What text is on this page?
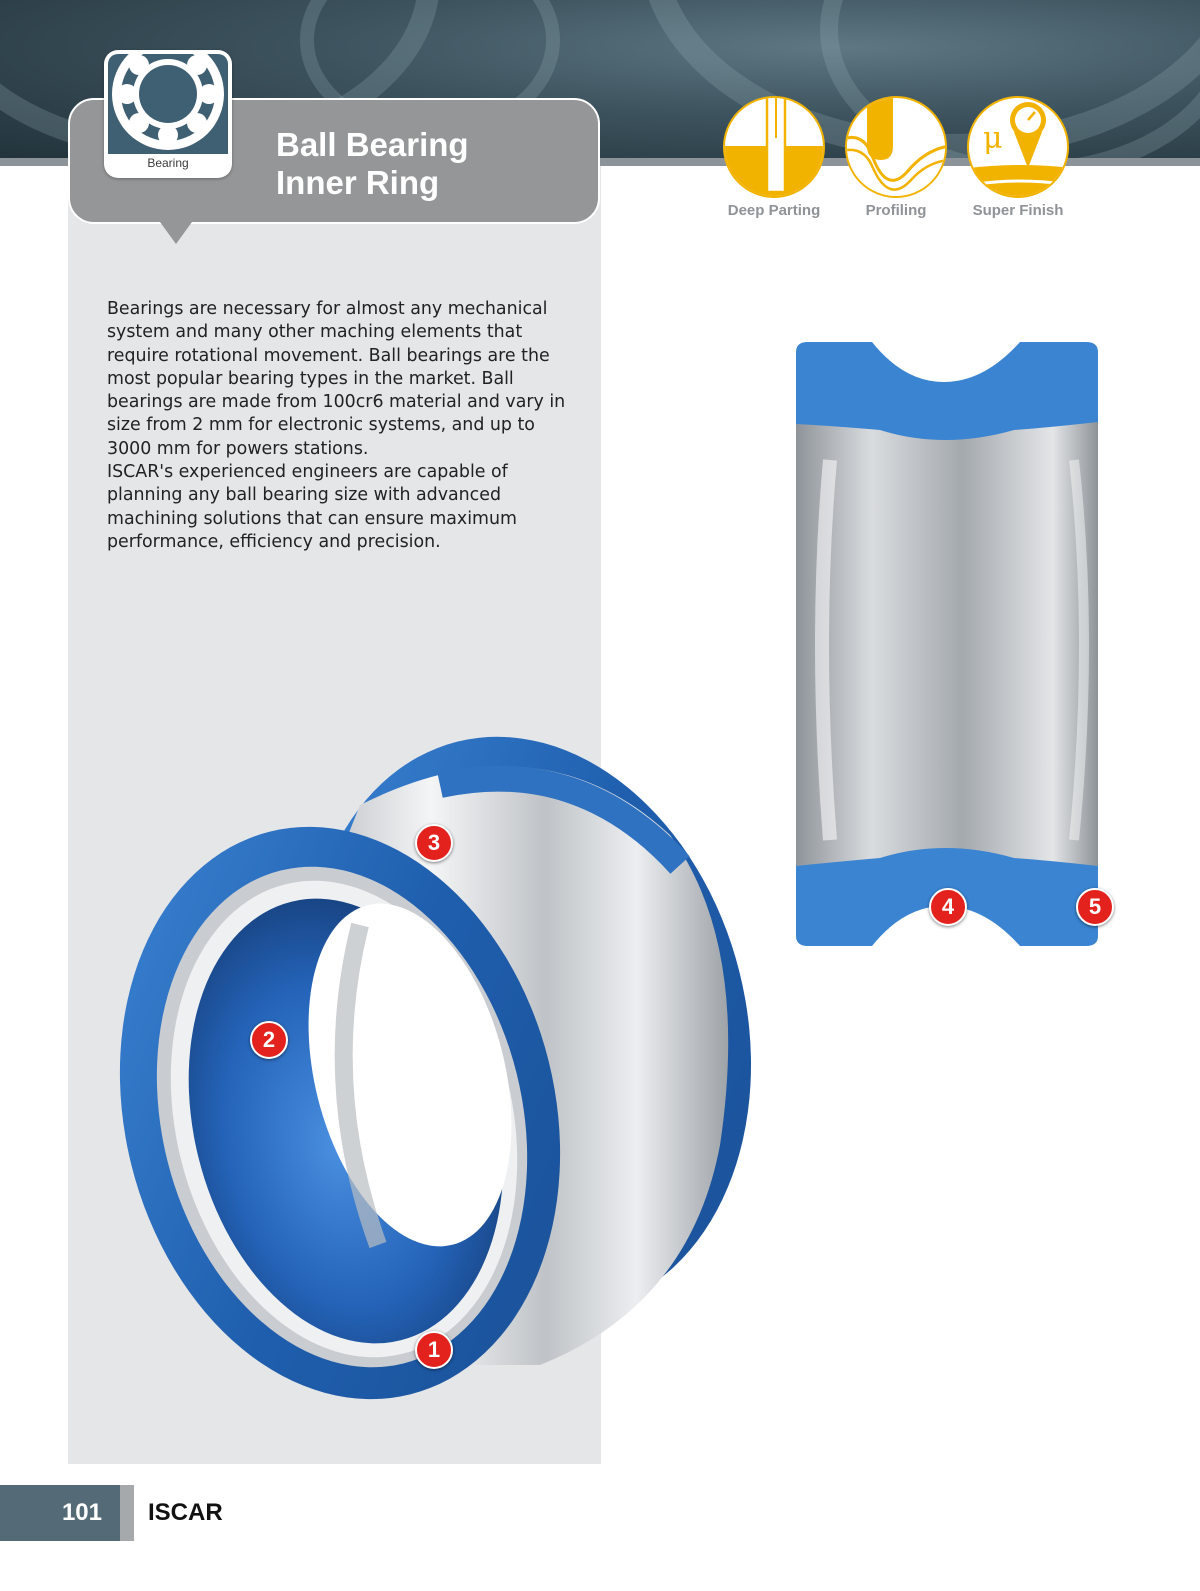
Ball Bearing
Inner Ring
Bearing
Deep Parting	Profiling
μ
Super Finish

Bearings are necessary for almost any mechanical system and many other maching elements that require rotational movement. Ball bearings are the most popular bearing types in the market. Ball bearings are made from 100cr6 material and vary in size from 2 mm for electronic systems, and up to 3000 mm for powers stations.

ISCAR's experienced engineers are capable of planning any ball bearing size with advanced machining solutions that can ensure maximum performance, efficiency and precision.

1
2
3
4	5
101	ISCAR
